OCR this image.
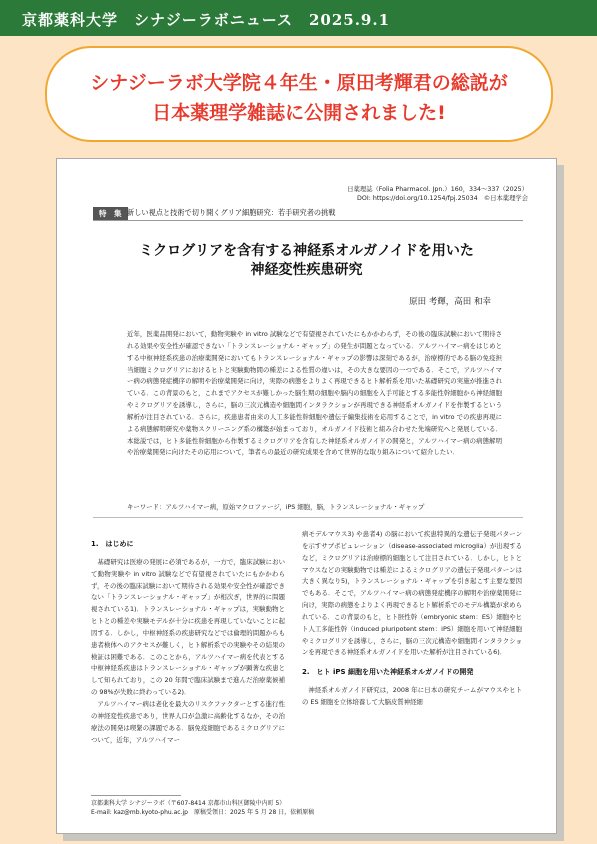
京都薬科大学　シナジーラボニュース　2025.9.1
シナジーラボ大学院４年生・原田考輝君の総説が
日本薬理学雑誌に公開されました!
日薬理誌（Folia Pharmacol. Jpn.）160，334～337（2025）
DOI: https://doi.org/10.1254/fpj.25034　©日本薬理学会
特　集 新しい視点と技術で切り開くグリア細胞研究：若手研究者の挑戦
ミクログリアを含有する神経系オルガノイドを用いた
神経変性疾患研究
原田 考輝，高田 和幸
近年，医薬品開発において，動物実験や in vitro 試験などで有望視されていたにもかかわらず，その後の臨床試験において期待される効果や安全性が確認できない「トランスレーショナル・ギャップ」の発生が問題となっている．アルツハイマー病をはじめとする中枢神経系疾患の治療薬開発においてもトランスレーショナル・ギャップの影響は深刻であるが，治療標的である脳の免疫担当細胞ミクログリアにおけるヒトと実験動物間の種差による性質の違いは，その大きな要因の一つである．そこで，アルツハイマー病の病態発症機序の解明や治療薬開発に向け，実際の病態をよりよく再現できるヒト解析系を用いた基礎研究の実施が推進されている．この背景のもと，これまでアクセスが難しかった脳生期の細胞や脳内の細胞を入手可能とする多能性幹細胞から神経細胞やミクログリアを誘導し，さらに，脳の三次元構造や細胞間インタラクションが再現できる神経系オルガノイドを作製するという解析が注目されている．さらに，疾患患者由来の人工多能性幹細胞や遺伝子編集技術を応用することで，in vitro での疾患再現による病態解明研究や薬物スクリーニング系の構築が始まっており，オルガノイド技術と組み合わせた先端研究へと発展している．本総説では，ヒト多能性幹細胞から作製するミクログリアを含有した神経系オルガノイドの開発と，アルツハイマー病の病態解明や治療薬開発に向けたその応用について，筆者らの最近の研究成果を含めて世界的な取り組みについて紹介したい．
キーワード：アルツハイマー病，原始マクロファージ，iPS 細胞，脳，トランスレーショナル・ギャップ
1.　はじめに
基礎研究は医療の発展に必須であるが，一方で，臨床試験において動物実験や in vitro 試験などで有望視されていたにもかかわらず，その後の臨床試験において期待される効果や安全性が確認できない「トランスレーショナル・ギャップ」が相次ぎ，世界的に問題視されている1)．トランスレーショナル・ギャップは，実験動物とヒトとの種差や実験モデルが十分に疾患を再現していないことに起因する．しかし，中枢神経系の疾患研究などでは倫理的問題からも患者検体へのアクセスが難しく，ヒト解析系での実験やその結果の検証は困難である．このことから，アルツハイマー病を代表とする中枢神経系疾患はトランスレーショナル・ギャップが顕著な疾患として知られており，この 20 年間で臨床試験まで進んだ治療薬候補の 98%が失敗に終わっている2)．
アルツハイマー病は老化を最大のリスクファクターとする進行性の神経変性疾患であり，世界人口が急激に高齢化するなか，その治療法の開発は喫緊の課題である．脳免疫細胞であるミクログリアについて，近年，アルツハイマー
病モデルマウス3) や患者4) の脳において疾患特異的な遺伝子発現パターンを示すサブポピュレーション（disease-associated microglia）が出現するなど，ミクログリアは治療標的細胞として注目されている．しかし，ヒトとマウスなどの実験動物では種差によるミクログリアの遺伝子発現パターンは大きく異なり5)，トランスレーショナル・ギャップを引き起こす主要な要因でもある．そこで，アルツハイマー病の病態発症機序の解明や治療薬開発に向け，実際の病態をよりよく再現できるヒト解析系でのモデル構築が求められている．この背景のもと，ヒト胚性幹（embryonic stem：ES）細胞やヒト人工多能性幹（induced pluripotent stem：iPS）細胞を用いて神経細胞やミクログリアを誘導し，さらに，脳の三次元構造や細胞間インタラクションを再現できる神経系オルガノイドを用いた解析が注目されている6)．
2.　ヒト iPS 細胞を用いた神経系オルガノイドの開発
神経系オルガノイド研究は，2008 年に日本の研究チームがマウスやヒトの ES 細胞を立体培養して大脳皮質神経細
京都薬科大学 シナジーラボ（〒607-8414 京都市山科区御陵中内町 5）
E-mail: kaz@mb.kyoto-phu.ac.jp　原稿受領日：2025 年 5 月 28 日，依頼原稿
